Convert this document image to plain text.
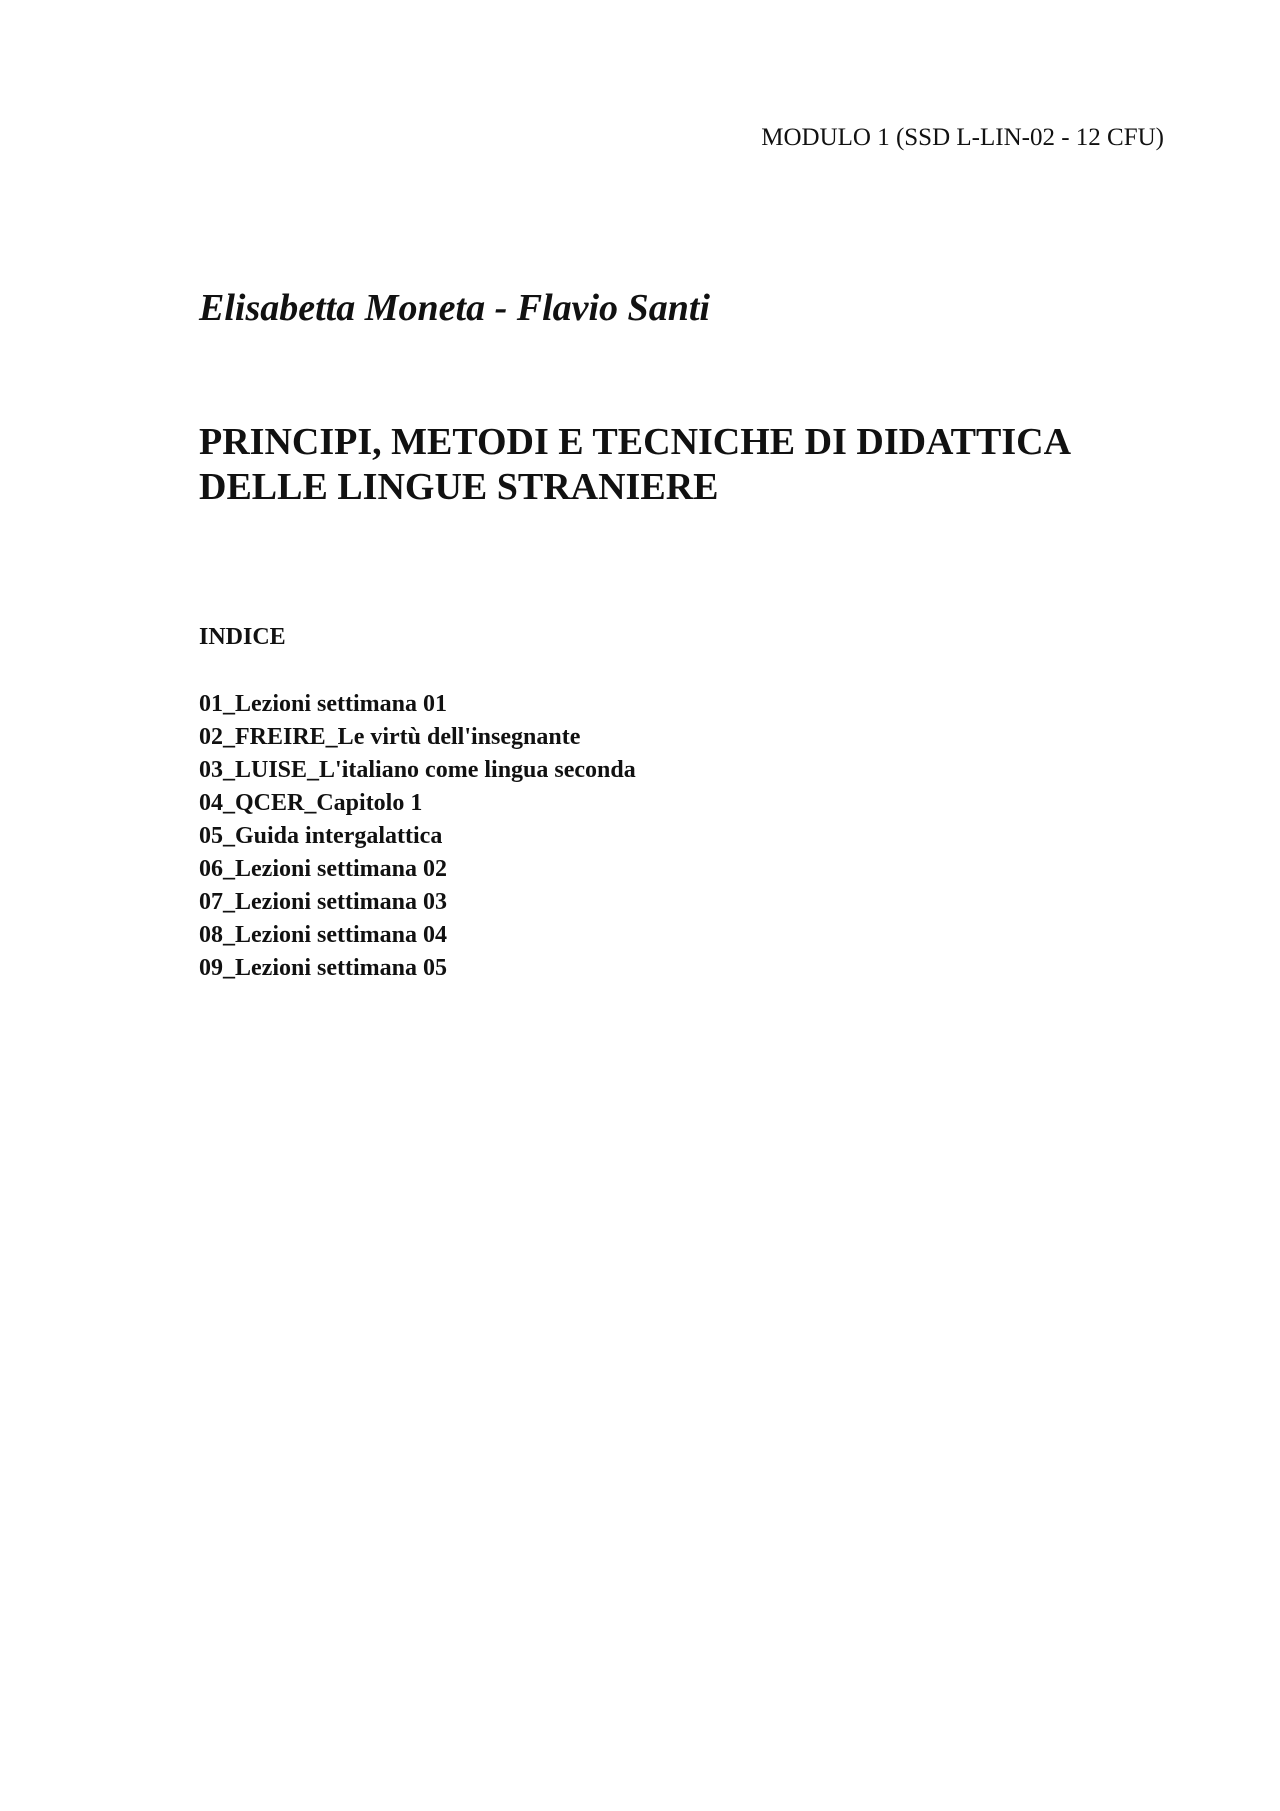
MODULO 1 (SSD L-LIN-02 - 12 CFU)
Elisabetta Moneta - Flavio Santi
PRINCIPI, METODI E TECNICHE DI DIDATTICA
DELLE LINGUE STRANIERE
INDICE
01_Lezioni settimana 01
02_FREIRE_Le virtù dell'insegnante
03_LUISE_L'italiano come lingua seconda
04_QCER_Capitolo 1
05_Guida intergalattica
06_Lezioni settimana 02
07_Lezioni settimana 03
08_Lezioni settimana 04
09_Lezioni settimana 05
